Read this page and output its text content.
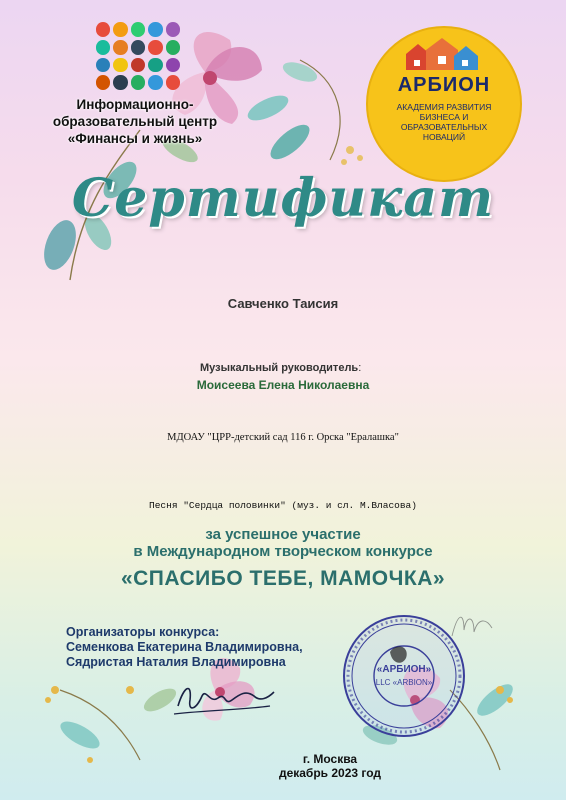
Информационно-
образовательный центр
«Финансы и жизнь»
АРБИОН
АКАДЕМИЯ РАЗВИТИЯ
БИЗНЕСА И
ОБРАЗОВАТЕЛЬНЫХ
НОВАЦИЙ
Сертификат
Савченко Таисия
Музыкальный руководитель:
Моисеева Елена Николаевна
МДОАУ "ЦРР-детский сад 116 г. Орска "Ералашка"
Песня "Сердца половинки" (муз. и сл. М.Власова)
за успешное участие
в Международном творческом конкурсе
«СПАСИБО ТЕБЕ, МАМОЧКА»
Организаторы конкурса:
Семенкова Екатерина Владимировна,
Сядристая Наталия Владимировна
«АРБИОН»
LLC «ARBION»
г. Москва
декабрь 2023 год
